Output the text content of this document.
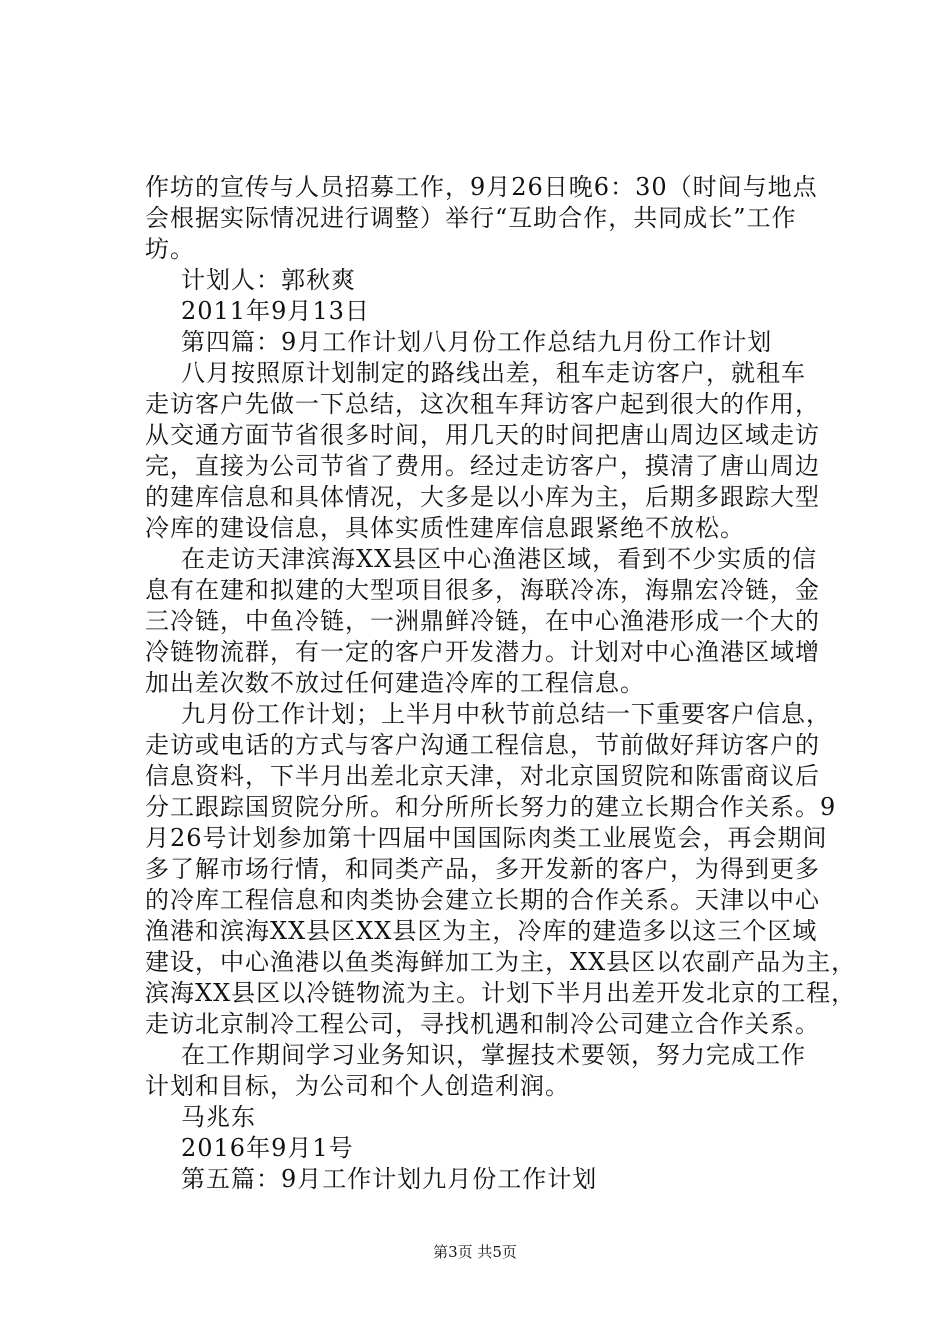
作坊的宣传与人员招募工作，9月26日晚6：30（时间与地点
会根据实际情况进行调整）举行“互助合作，共同成长”工作
坊。
计划人：郭秋爽
2011年9月13日
第四篇：9月工作计划八月份工作总结九月份工作计划
八月按照原计划制定的路线出差，租车走访客户，就租车
走访客户先做一下总结，这次租车拜访客户起到很大的作用，
从交通方面节省很多时间，用几天的时间把唐山周边区域走访
完，直接为公司节省了费用。经过走访客户，摸清了唐山周边
的建库信息和具体情况，大多是以小库为主，后期多跟踪大型
冷库的建设信息，具体实质性建库信息跟紧绝不放松。
在走访天津滨海XX县区中心渔港区域，看到不少实质的信
息有在建和拟建的大型项目很多，海联冷冻，海鼎宏冷链，金
三冷链，中鱼冷链，一洲鼎鲜冷链，在中心渔港形成一个大的
冷链物流群，有一定的客户开发潜力。计划对中心渔港区域增
加出差次数不放过任何建造冷库的工程信息。
九月份工作计划；上半月中秋节前总结一下重要客户信息，
走访或电话的方式与客户沟通工程信息，节前做好拜访客户的
信息资料，下半月出差北京天津，对北京国贸院和陈雷商议后
分工跟踪国贸院分所。和分所所长努力的建立长期合作关系。9
月26号计划参加第十四届中国国际肉类工业展览会，再会期间
多了解市场行情，和同类产品，多开发新的客户，为得到更多
的冷库工程信息和肉类协会建立长期的合作关系。天津以中心
渔港和滨海XX县区XX县区为主，冷库的建造多以这三个区域
建设，中心渔港以鱼类海鲜加工为主，XX县区以农副产品为主，
滨海XX县区以冷链物流为主。计划下半月出差开发北京的工程，
走访北京制冷工程公司，寻找机遇和制冷公司建立合作关系。
在工作期间学习业务知识，掌握技术要领，努力完成工作
计划和目标，为公司和个人创造利润。
马兆东
2016年9月1号
第五篇：9月工作计划九月份工作计划
第3页 共5页
